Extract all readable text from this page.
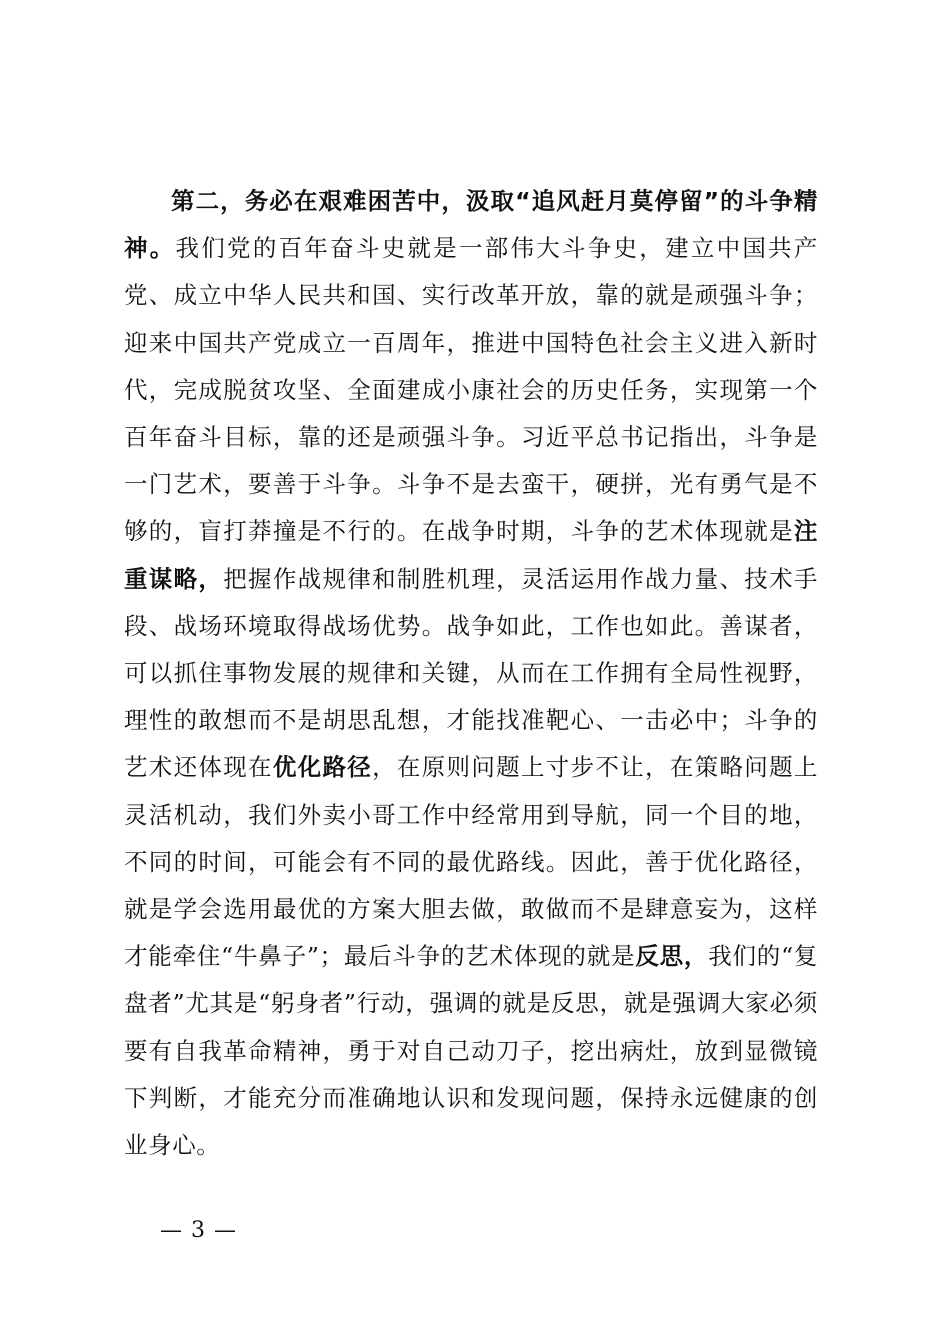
第二，务必在艰难困苦中，汲取“追风赶月莫停留”的斗争精神。我们党的百年奋斗史就是一部伟大斗争史，建立中国共产党、成立中华人民共和国、实行改革开放，靠的就是顽强斗争；迎来中国共产党成立一百周年，推进中国特色社会主义进入新时代，完成脱贫攻坚、全面建成小康社会的历史任务，实现第一个百年奋斗目标，靠的还是顽强斗争。习近平总书记指出，斗争是一门艺术，要善于斗争。斗争不是去蛮干，硬拼，光有勇气是不够的，盲打莽撞是不行的。在战争时期，斗争的艺术体现就是注重谋略，把握作战规律和制胜机理，灵活运用作战力量、技术手段、战场环境取得战场优势。战争如此，工作也如此。善谋者，可以抓住事物发展的规律和关键，从而在工作拥有全局性视野，理性的敢想而不是胡思乱想，才能找准靶心、一击必中；斗争的艺术还体现在优化路径，在原则问题上寸步不让，在策略问题上灵活机动，我们外卖小哥工作中经常用到导航，同一个目的地，不同的时间，可能会有不同的最优路线。因此，善于优化路径，就是学会选用最优的方案大胆去做，敢做而不是肆意妄为，这样才能牵住“牛鼻子”；最后斗争的艺术体现的就是反思，我们的“复盘者”尤其是“躬身者”行动，强调的就是反思，就是强调大家必须要有自我革命精神，勇于对自己动刀子，挖出病灶，放到显微镜下判断，才能充分而准确地认识和发现问题，保持永远健康的创业身心。

— 3 —
